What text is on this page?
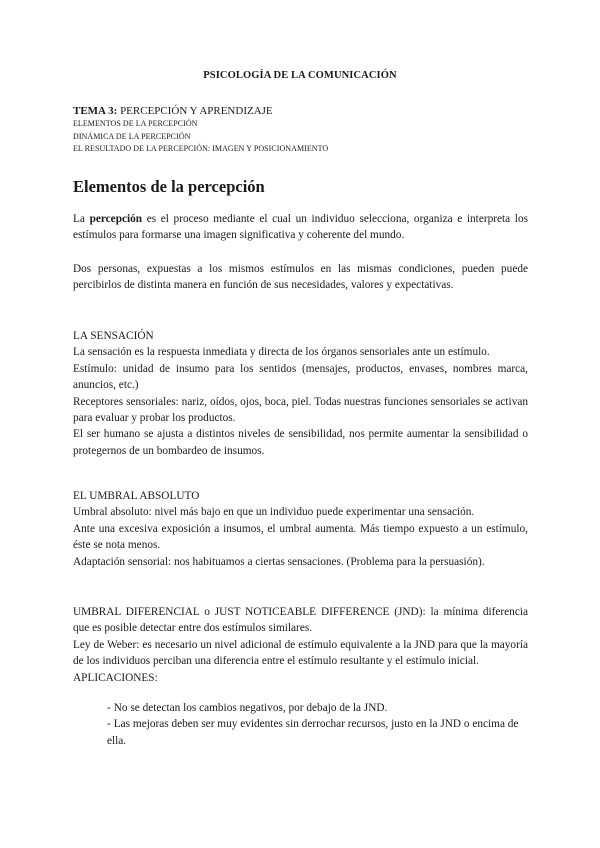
PSICOLOGÍA DE LA COMUNICACIÓN
TEMA 3: PERCEPCIÓN Y APRENDIZAJE
ELEMENTOS DE LA PERCEPCIÓN
DINÁMICA DE LA PERCEPCIÓN
EL RESULTADO DE LA PERCEPCIÓN: IMAGEN Y POSICIONAMIENTO
Elementos de la percepción

La percepción es el proceso mediante el cual un individuo selecciona, organiza e interpreta los estímulos para formarse una imagen significativa y coherente del mundo.

Dos personas, expuestas a los mismos estímulos en las mismas condiciones, pueden puede percibirlos de distinta manera en función de sus necesidades, valores y expectativas.

LA SENSACIÓN

La sensación es la respuesta inmediata y directa de los órganos sensoriales ante un estímulo.

Estímulo: unidad de insumo para los sentidos (mensajes, productos, envases, nombres marca, anuncios, etc.)

Receptores sensoriales: nariz, oídos, ojos, boca, piel. Todas nuestras funciones sensoriales se activan para evaluar y probar los productos.

El ser humano se ajusta a distintos niveles de sensibilidad, nos permite aumentar la sensibilidad o protegernos de un bombardeo de insumos.

EL UMBRAL ABSOLUTO

Umbral absoluto: nivel más bajo en que un individuo puede experimentar una sensación.

Ante una excesiva exposición a insumos, el umbral aumenta. Más tiempo expuesto a un estímulo, éste se nota menos.

Adaptación sensorial: nos habituamos a ciertas sensaciones. (Problema para la persuasión).

UMBRAL DIFERENCIAL o JUST NOTICEABLE DIFFERENCE (JND): la mínima diferencia que es posible detectar entre dos estímulos similares.

Ley de Weber: es necesario un nivel adicional de estímulo equivalente a la JND para que la mayoría de los individuos perciban una diferencia entre el estímulo resultante y el estímulo inicial.

APLICACIONES:

- No se detectan los cambios negativos, por debajo de la JND.
- Las mejoras deben ser muy evidentes sin derrochar recursos, justo en la JND o encima de ella.
